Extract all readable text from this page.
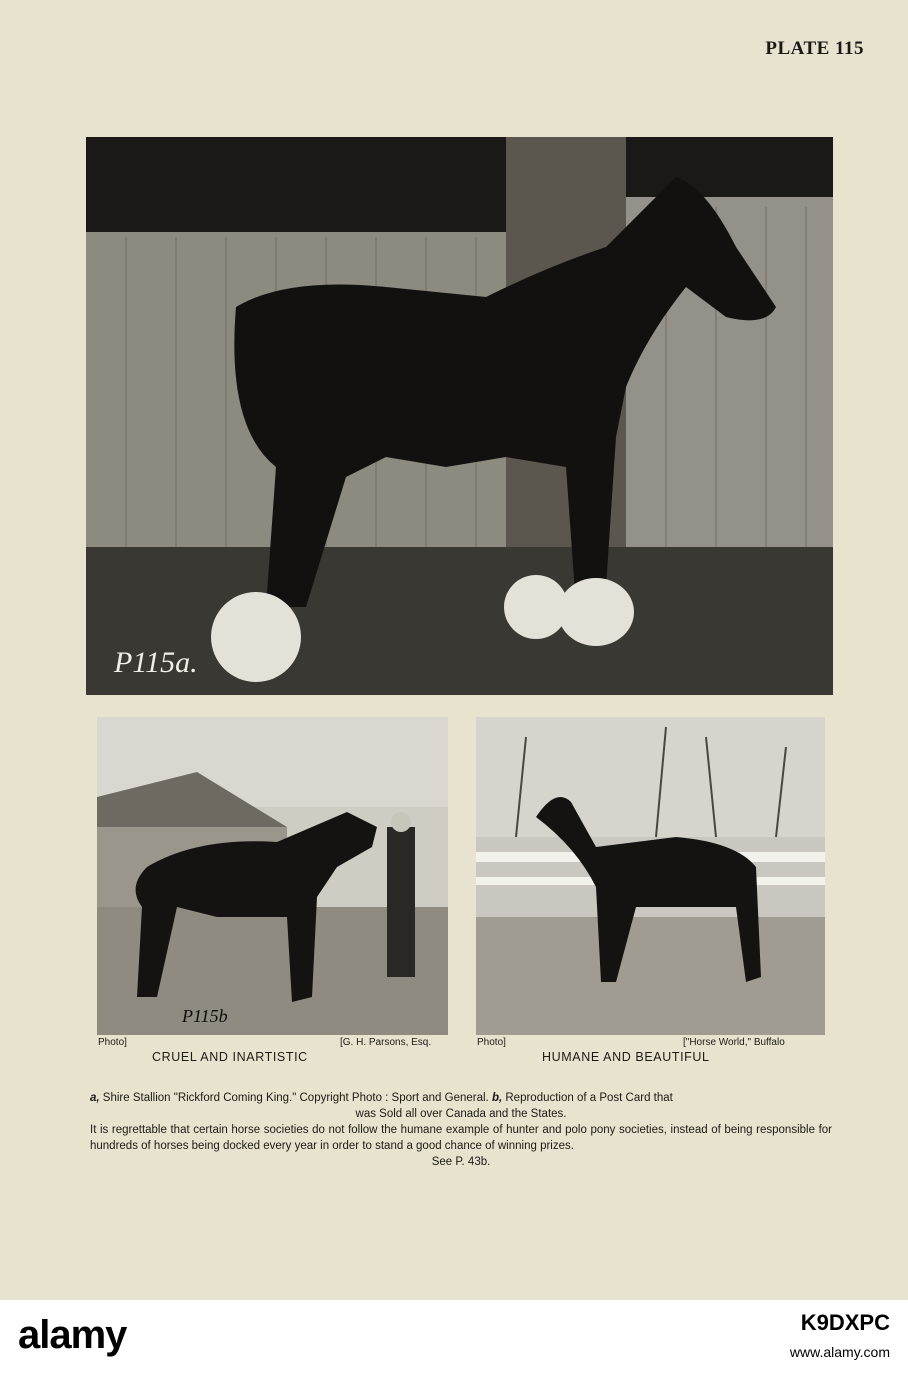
PLATE 115
P115a.
P115b
Photo]	[G. H. Parsons, Esq.
CRUEL AND INARTISTIC
Photo]	["Horse World," Buffalo
HUMANE AND BEAUTIFUL

a, Shire Stallion "Rickford Coming King." Copyright Photo : Sport and General. b, Reproduction of a Post Card that

was Sold all over Canada and the States.

It is regrettable that certain horse societies do not follow the humane example of hunter and polo pony societies, instead of being responsible for hundreds of horses being docked every year in order to stand a good chance of winning prizes.

See P. 43b.

alamy	K9DXPC
www.alamy.com
